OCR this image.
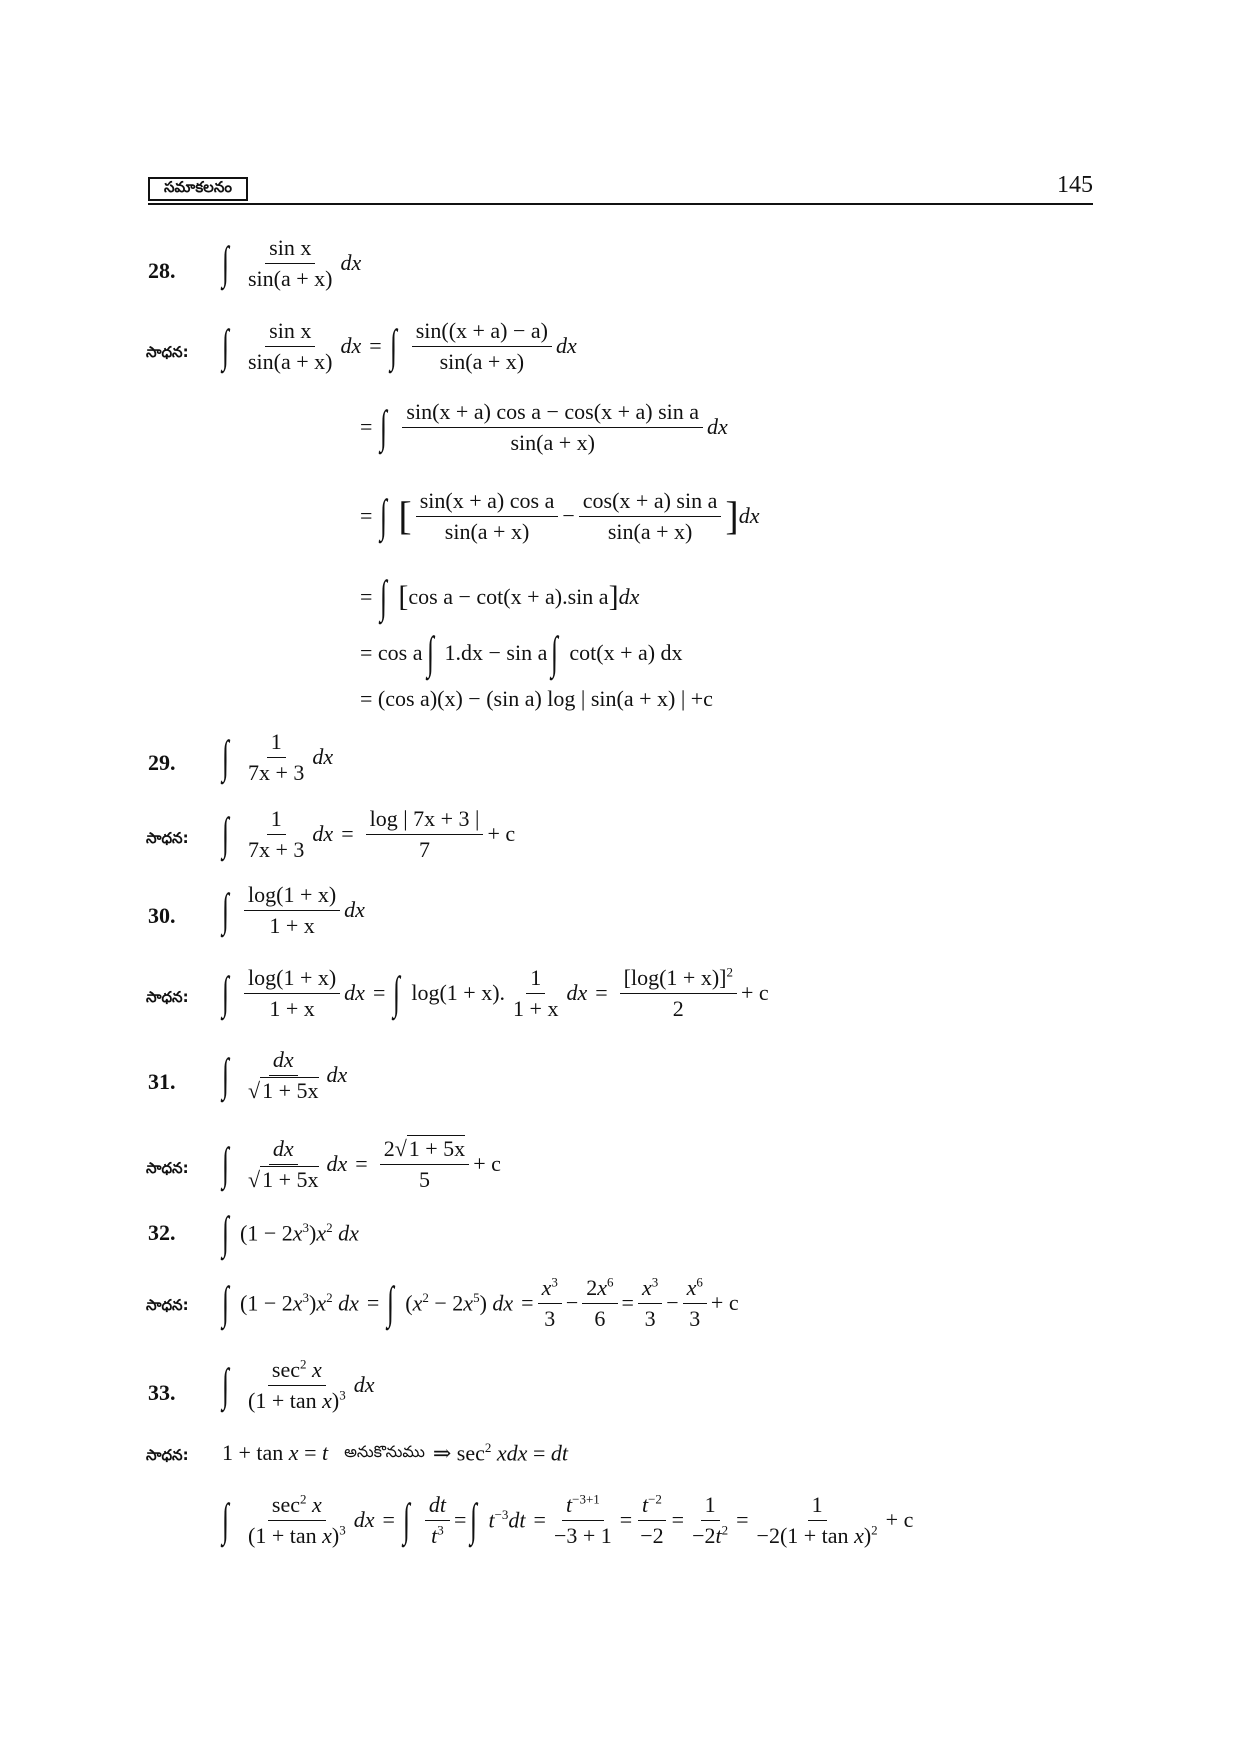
సమాకలనం	145
28. ∫ $\frac{\text{sin x}}{\sin(a + x)}$ dx
సాధన: ∫ $\frac{\text{sin x}}{\sin(a + x)}$ dx = ∫ $\frac{\sin((x + a) - a)}{\sin(a + x)}$ dx
= ∫ $\frac{\text{sin(x + a) cos a − cos(x + a) sin a}}{\sin(a + x)}$ dx
= ∫ [ $\frac{\text{sin(x + a) cos a}}{\sin(a + x)} - \frac{\text{cos(x + a) sin a}}{\sin(a + x)}$ ] dx
= ∫ [ cos a − cot(x + a).sin a ] dx
= cos a ∫ 1.dx − sin a ∫ cot(x + a) dx
= (cos a)(x) − (sin a) log | sin(a + x) | +c
29. ∫ $\frac{1}{7x + 3}$ dx
సాధన: ∫ $\frac{1}{7x + 3}$ dx = $\frac{\log | 7x + 3 |}{7} + c$
30. ∫ $\frac{\log(1 + x)}{1 + x}$ dx
సాధన: ∫ $\frac{\log(1 + x)}{1 + x}$ dx = ∫ log(1 + x). $\frac{1}{1 + x}$ dx = $\frac{[\log(1 + x)]^2}{2} + c$
31. ∫ $\frac{dx}{√1 + 5x}$ dx
సాధన: ∫ $\frac{dx}{√1 + 5x}$ dx = $\frac{2√1 + 5x}{5} + c$
32. ∫ $(1 - 2x^3)x^2$ dx
సాధన: ∫ $(1 - 2x^3)x^2$ dx = ∫ $(x^2 - 2x^5)$ dx = $\frac{x^3}{3} - \frac{2x^6}{6} = \frac{x^3}{3} - \frac{x^6}{3} + c$
33. ∫ $\frac{\sec^2 x}{(1 + \tan x)^3}$ dx
సాధన: 1 + tan x = t అనుకొనుము ⇒ $\sec^2$ xdx = dt
∫ $\frac{\sec^2 x}{(1 + \tan x)^3}$ dx = ∫ $\frac{dt}{t^3}$ = ∫ $t^{-3}dt = \frac{t^{-3+1}}{-3 + 1} = \frac{t^{-2}}{-2} = \frac{1}{-2t^2} = \frac{1}{-2(1 + \tan x)^2} + c$
